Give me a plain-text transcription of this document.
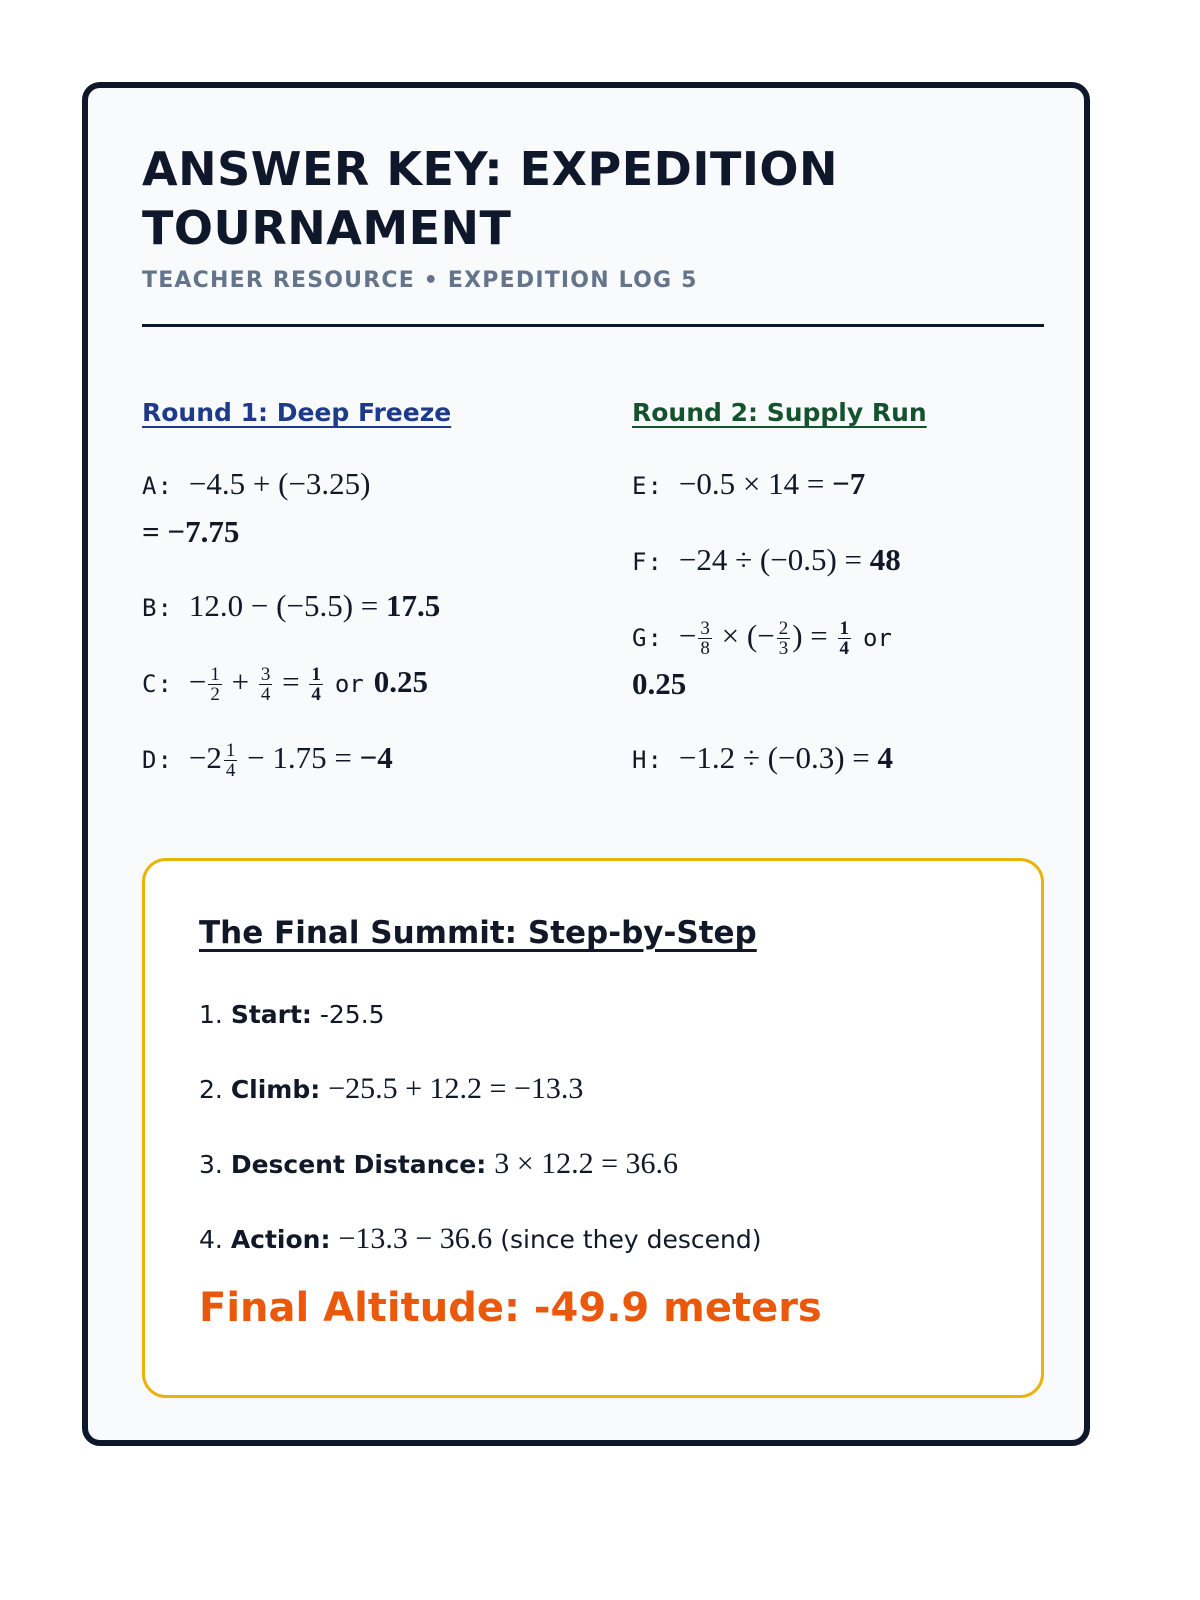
ANSWER KEY: EXPEDITION TOURNAMENT
TEACHER RESOURCE • EXPEDITION LOG 5
Round 1: Deep Freeze
A: −4.5 + (−3.25)
= −7.75
B: 12.0 − (−5.5) = 17.5
C: − $\frac{1}{2} + \frac{3}{4} = \frac{1}{4}$ or 0.25
D: $-2 \frac{1}{4} - 1.75 = -4$
Round 2: Supply Run
E: −0.5 × 14 = −7
F: −24 ÷ (−0.5) = 48
G: − $\frac{3}{8}$ × (− $\frac{2}{3}$ ) = $\frac{1}{4}$ or
0.25
H: −1.2 ÷ (−0.3) = 4
The Final Summit: Step-by-Step
1. Start: -25.5
2. Climb: −25.5 + 12.2 = −13.3
3. Descent Distance: 3 × 12.2 = 36.6
4. Action: −13.3 − 36.6 (since they descend)
Final Altitude: -49.9 meters
